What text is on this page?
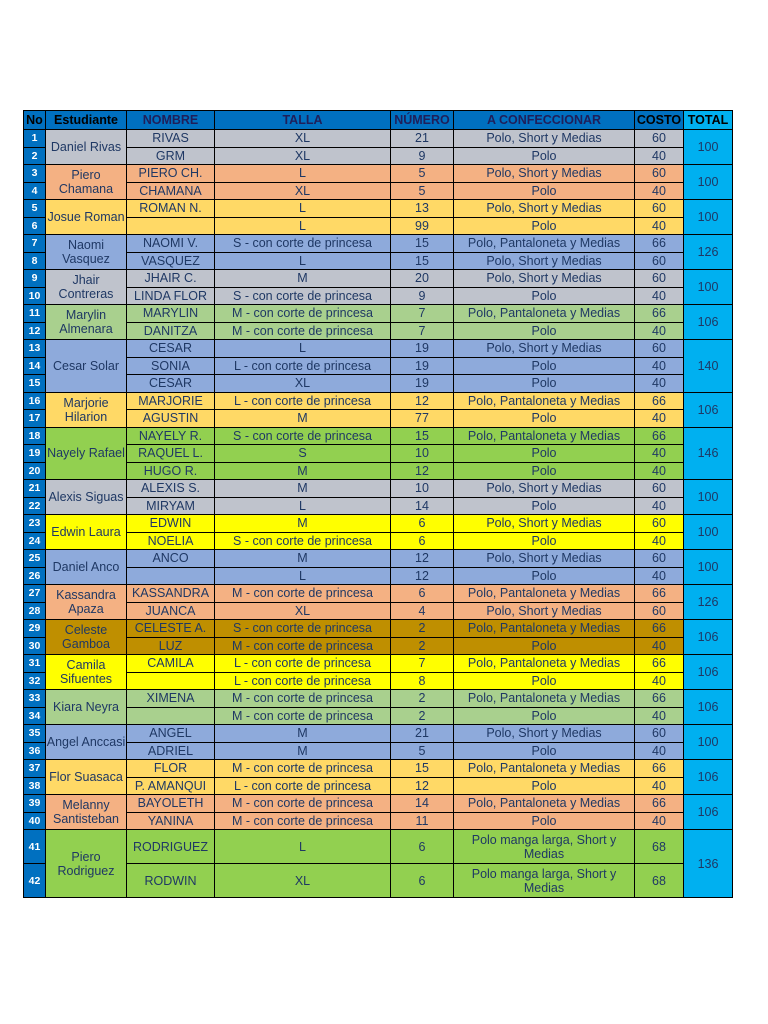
No	Estudiante	NOMBRE	TALLA	NÚMERO	A CONFECCIONAR	COSTO	TOTAL
1	Daniel Rivas	RIVAS	XL	21	Polo, Short y Medias	60	100
2		GRM	XL	9	Polo	40	
3	Piero Chamana	PIERO CH.	L	5	Polo, Short y Medias	60	100
4		CHAMANA	XL	5	Polo	40	
5	Josue Roman	ROMAN N.	L	13	Polo, Short y Medias	60	100
6			L	99	Polo	40	
7	Naomi Vasquez	NAOMI V.	S - con corte de princesa	15	Polo, Pantaloneta y Medias	66	126
8		VASQUEZ	L	15	Polo, Short y Medias	60	
9	Jhair Contreras	JHAIR C.	M	20	Polo, Short y Medias	60	100
10		LINDA FLOR	S - con corte de princesa	9	Polo	40	
11	Marylin Almenara	MARYLIN	M - con corte de princesa	7	Polo, Pantaloneta y Medias	66	106
12		DANITZA	M - con corte de princesa	7	Polo	40	
13	Cesar Solar	CESAR	L	19	Polo, Short y Medias	60	140
14		SONIA	L - con corte de princesa	19	Polo	40	
15		CESAR	XL	19	Polo	40	
16	Marjorie Hilarion	MARJORIE	L - con corte de princesa	12	Polo, Pantaloneta y Medias	66	106
17		AGUSTIN	M	77	Polo	40	
18	Nayely Rafael	NAYELY R.	S - con corte de princesa	15	Polo, Pantaloneta y Medias	66	146
19		RAQUEL L.	S	10	Polo	40	
20		HUGO R.	M	12	Polo	40	
21	Alexis Siguas	ALEXIS S.	M	10	Polo, Short y Medias	60	100
22		MIRYAM	L	14	Polo	40	
23	Edwin Laura	EDWIN	M	6	Polo, Short y Medias	60	100
24		NOELIA	S - con corte de princesa	6	Polo	40	
25	Daniel Anco	ANCO	M	12	Polo, Short y Medias	60	100
26			L	12	Polo	40	
27	Kassandra Apaza	KASSANDRA	M - con corte de princesa	6	Polo, Pantaloneta y Medias	66	126
28		JUANCA	XL	4	Polo, Short y Medias	60	
29	Celeste Gamboa	CELESTE A.	S - con corte de princesa	2	Polo, Pantaloneta y Medias	66	106
30		LUZ	M - con corte de princesa	2	Polo	40	
31	Camila Sifuentes	CAMILA	L - con corte de princesa	7	Polo, Pantaloneta y Medias	66	106
32			L - con corte de princesa	8	Polo	40	
33	Kiara Neyra	XIMENA	M - con corte de princesa	2	Polo, Pantaloneta y Medias	66	106
34			M - con corte de princesa	2	Polo	40	
35	Angel Anccasi	ANGEL	M	21	Polo, Short y Medias	60	100
36		ADRIEL	M	5	Polo	40	
37	Flor Suasaca	FLOR	M - con corte de princesa	15	Polo, Pantaloneta y Medias	66	106
38		P. AMANQUI	L - con corte de princesa	12	Polo	40	
39	Melanny Santisteban	BAYOLETH	M - con corte de princesa	14	Polo, Pantaloneta y Medias	66	106
40		YANINA	M - con corte de princesa	11	Polo	40	
41	Piero Rodriguez	RODRIGUEZ	L	6	Polo manga larga, Short y Medias	68	136
42		RODWIN	XL	6	Polo manga larga, Short y Medias	68	
